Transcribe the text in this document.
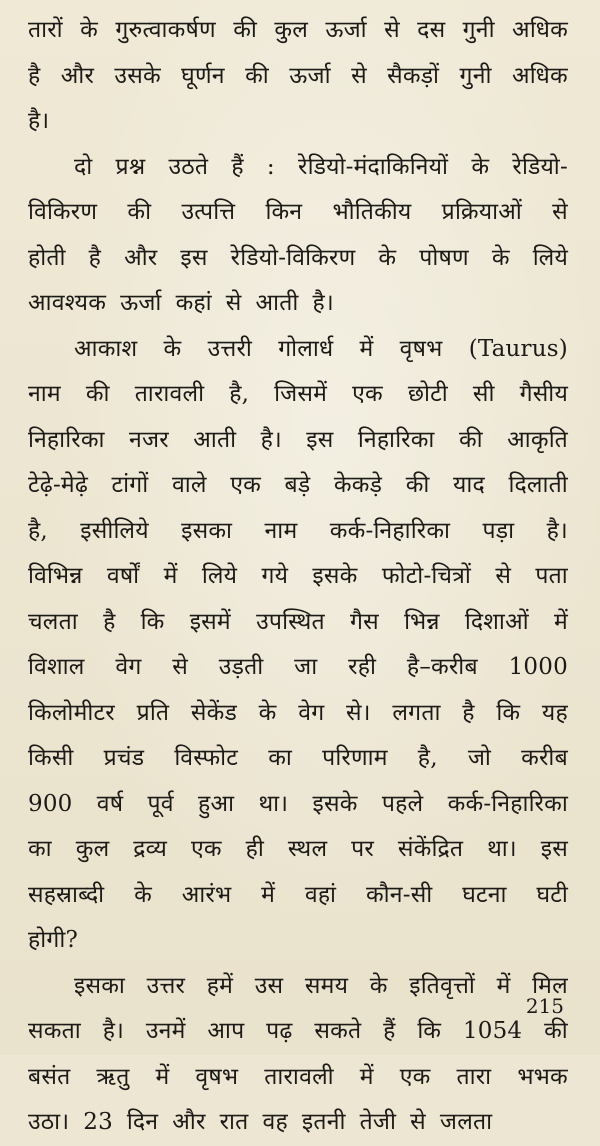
तारों के गुरुत्वाकर्षण की कुल ऊर्जा से दस गुनी अधिक
है और उसके घूर्णन की ऊर्जा से सैकड़ों गुनी अधिक
है।
दो प्रश्न उठते हैं : रेडियो-मंदाकिनियों के रेडियो-
विकिरण की उत्पत्ति किन भौतिकीय प्रक्रियाओं से
होती है और इस रेडियो-विकिरण के पोषण के लिये
आवश्यक ऊर्जा कहां से आती है।
आकाश के उत्तरी गोलार्ध में वृषभ (Taurus)
नाम की तारावली है, जिसमें एक छोटी सी गैसीय
निहारिका नजर आती है। इस निहारिका की आकृति
टेढ़े-मेढ़े टांगों वाले एक बड़े केकड़े की याद दिलाती
है, इसीलिये इसका नाम कर्क-निहारिका पड़ा है।
विभिन्न वर्षों में लिये गये इसके फोटो-चित्रों से पता
चलता है कि इसमें उपस्थित गैस भिन्न दिशाओं में
विशाल वेग से उड़ती जा रही है–करीब 1000
किलोमीटर प्रति सेकेंड के वेग से। लगता है कि यह
किसी प्रचंड विस्फोट का परिणाम है, जो करीब
900 वर्ष पूर्व हुआ था। इसके पहले कर्क-निहारिका
का कुल द्रव्य एक ही स्थल पर संकेंद्रित था। इस
सहस्राब्दी के आरंभ में वहां कौन-सी घटना घटी
होगी?
इसका उत्तर हमें उस समय के इतिवृत्तों में मिल
सकता है। उनमें आप पढ़ सकते हैं कि 1054 की
बसंत ऋतु में वृषभ तारावली में एक तारा भभक
उठा। 23 दिन और रात वह इतनी तेजी से जलता
215
